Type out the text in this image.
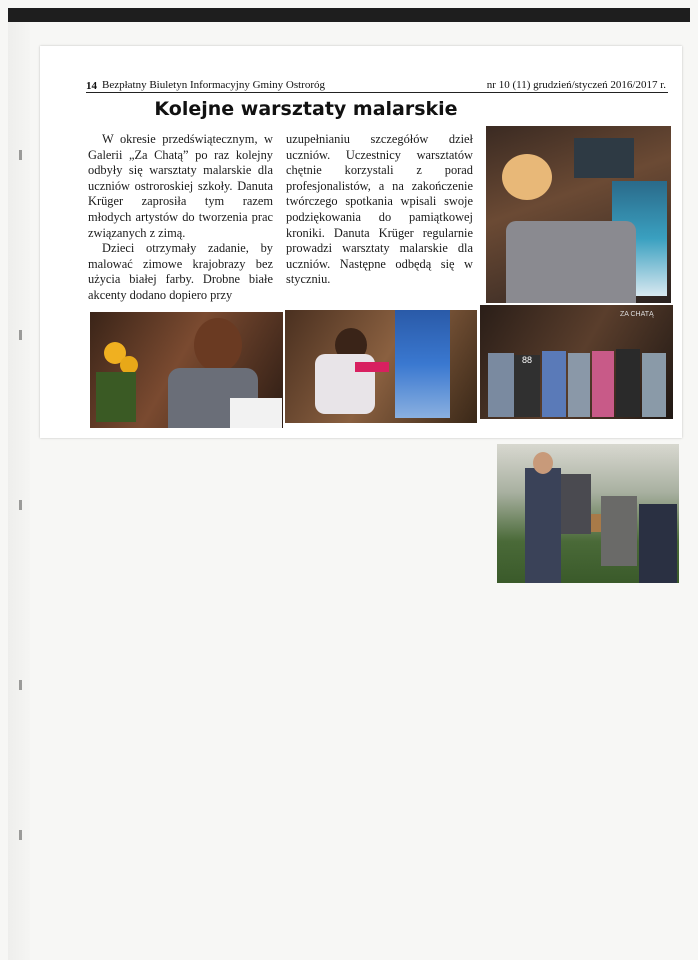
14 Bezpłatny Biuletyn Informacyjny Gminy Ostroróg	nr 10 (11) grudzień/styczeń 2016/2017 r.
Kolejne warsztaty malarskie

W okresie przedświątecznym, w Galerii „Za Chatą” po raz kolejny odbyły się warsztaty malarskie dla uczniów ostroroskiej szkoły. Danuta Krüger zaprosiła tym razem młodych artystów do tworzenia prac związanych z zimą.

Dzieci otrzymały zadanie, by malować zimowe krajobrazy bez użycia białej farby. Drobne białe akcenty dodano dopiero przy

uzupełnianiu szczegółów dzieł uczniów. Uczestnicy warsztatów chętnie korzystali z porad profesjonalistów, a na zakończenie twórczego spotkania wpisali swoje podziękowania do pamiątkowej kroniki. Danuta Krüger regularnie prowadzi warsztaty malarskie dla uczniów. Następne odbędą się w styczniu.

ZA CHATĄ
88
